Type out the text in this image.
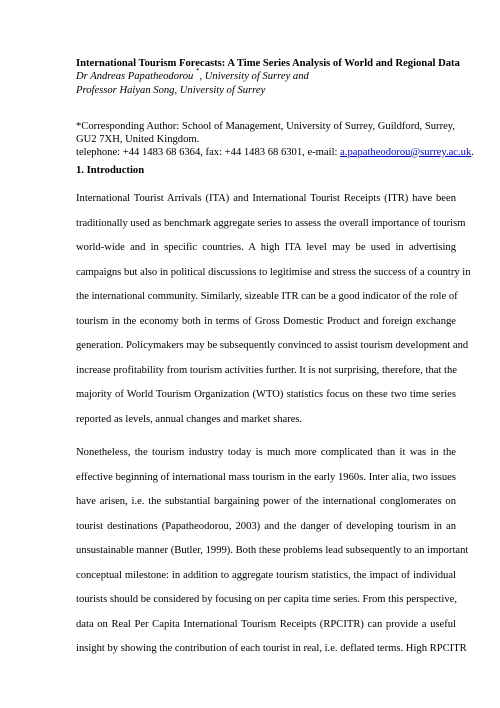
International Tourism Forecasts: A Time Series Analysis of World and Regional Data
Dr Andreas Papatheodorou *, University of Surrey and
Professor Haiyan Song, University of Surrey
*Corresponding Author: School of Management, University of Surrey, Guildford, Surrey,
GU2 7XH, United Kingdom.
telephone: +44 1483 68 6364, fax: +44 1483 68 6301, e-mail: a.papatheodorou@surrey.ac.uk.
1. Introduction
International Tourist Arrivals (ITA) and International Tourist Receipts (ITR) have been
traditionally used as benchmark aggregate series to assess the overall importance of tourism
world-wide and in specific countries. A high ITA level may be used in advertising
campaigns but also in political discussions to legitimise and stress the success of a country in
the international community. Similarly, sizeable ITR can be a good indicator of the role of
tourism in the economy both in terms of Gross Domestic Product and foreign exchange
generation. Policymakers may be subsequently convinced to assist tourism development and
increase profitability from tourism activities further. It is not surprising, therefore, that the
majority of World Tourism Organization (WTO) statistics focus on these two time series
reported as levels, annual changes and market shares.
Nonetheless, the tourism industry today is much more complicated than it was in the
effective beginning of international mass tourism in the early 1960s. Inter alia, two issues
have arisen, i.e. the substantial bargaining power of the international conglomerates on
tourist destinations (Papatheodorou, 2003) and the danger of developing tourism in an
unsustainable manner (Butler, 1999). Both these problems lead subsequently to an important
conceptual milestone: in addition to aggregate tourism statistics, the impact of individual
tourists should be considered by focusing on per capita time series. From this perspective,
data on Real Per Capita International Tourism Receipts (RPCITR) can provide a useful
insight by showing the contribution of each tourist in real, i.e. deflated terms. High RPCITR
